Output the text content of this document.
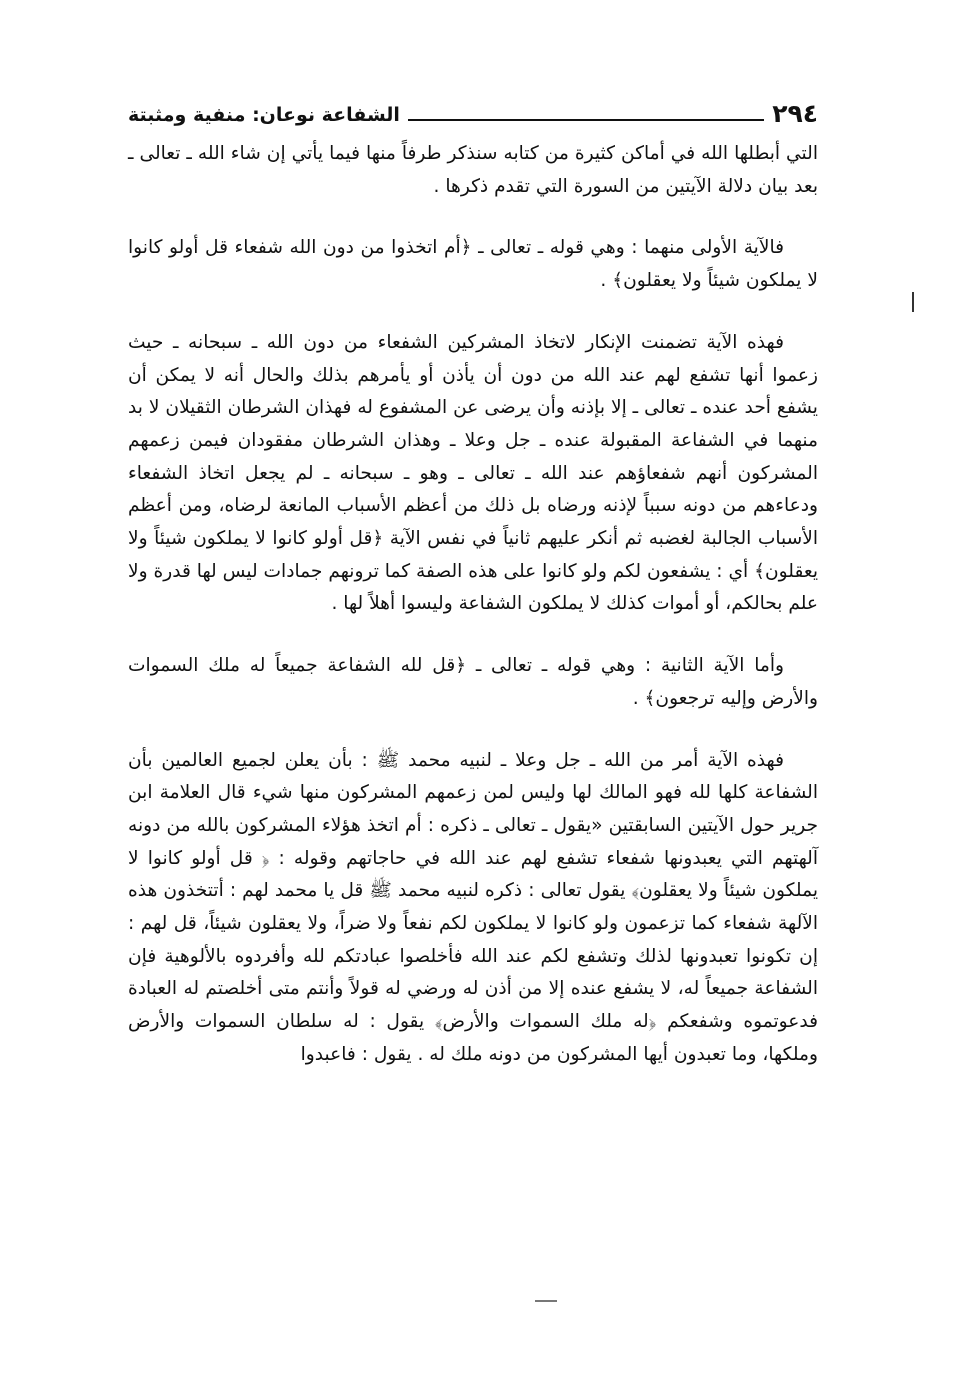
٢٩٤
الشفاعة نوعان: منفية ومثبتة

التي أبطلها الله في أماكن كثيرة من كتابه سنذكر طرفاً منها فيما يأتي إن شاء الله ـ تعالى ـ بعد بيان دلالة الآيتين من السورة التي تقدم ذكرها .

فالآية الأولى منهما : وهي قوله ـ تعالى ـ ﴿أم اتخذوا من دون الله شفعاء قل أولو كانوا لا يملكون شيئاً ولا يعقلون﴾ .

فهذه الآية تضمنت الإنكار لاتخاذ المشركين الشفعاء من دون الله ـ سبحانه ـ حيث زعموا أنها تشفع لهم عند الله من دون أن يأذن أو يأمرهم بذلك والحال أنه لا يمكن أن يشفع أحد عنده ـ تعالى ـ إلا بإذنه وأن يرضى عن المشفوع له فهذان الشرطان الثقيلان لا بد منهما في الشفاعة المقبولة عنده ـ جل وعلا ـ وهذان الشرطان مفقودان فيمن زعمهم المشركون أنهم شفعاؤهم عند الله ـ تعالى ـ وهو ـ سبحانه ـ لم يجعل اتخاذ الشفعاء ودعاءهم من دونه سبباً لإذنه ورضاه بل ذلك من أعظم الأسباب المانعة لرضاه، ومن أعظم الأسباب الجالبة لغضبه ثم أنكر عليهم ثانياً في نفس الآية ﴿قل أولو كانوا لا يملكون شيئاً ولا يعقلون﴾ أي : يشفعون لكم ولو كانوا على هذه الصفة كما ترونهم جمادات ليس لها قدرة ولا علم بحالكم، أو أموات كذلك لا يملكون الشفاعة وليسوا أهلاً لها .

وأما الآية الثانية : وهي قوله ـ تعالى ـ ﴿قل لله الشفاعة جميعاً له ملك السموات والأرض وإليه ترجعون﴾ .

فهذه الآية أمر من الله ـ جل وعلا ـ لنبيه محمد ﷺ : بأن يعلن لجميع العالمين بأن الشفاعة كلها لله فهو المالك لها وليس لمن زعمهم المشركون منها شيء قال العلامة ابن جرير حول الآيتين السابقتين «يقول ـ تعالى ـ ذكره : أم اتخذ هؤلاء المشركون بالله من دونه آلهتهم التي يعبدونها شفعاء تشفع لهم عند الله في حاجاتهم وقوله : ﴿ قل أولو كانوا لا يملكون شيئاً ولا يعقلون﴾ يقول تعالى : ذكره لنبيه محمد ﷺ قل يا محمد لهم : أتتخذون هذه الآلهة شفعاء كما تزعمون ولو كانوا لا يملكون لكم نفعاً ولا ضراً، ولا يعقلون شيئاً، قل لهم : إن تكونوا تعبدونها لذلك وتشفع لكم عند الله فأخلصوا عبادتكم لله وأفردوه بالألوهية فإن الشفاعة جميعاً له، لا يشفع عنده إلا من أذن له ورضي له قولاً وأنتم متى أخلصتم له العبادة فدعوتموه وشفعكم ﴿له ملك السموات والأرض﴾ يقول : له سلطان السموات والأرض وملكها، وما تعبدون أيها المشركون من دونه ملك له . يقول : فاعبدوا
